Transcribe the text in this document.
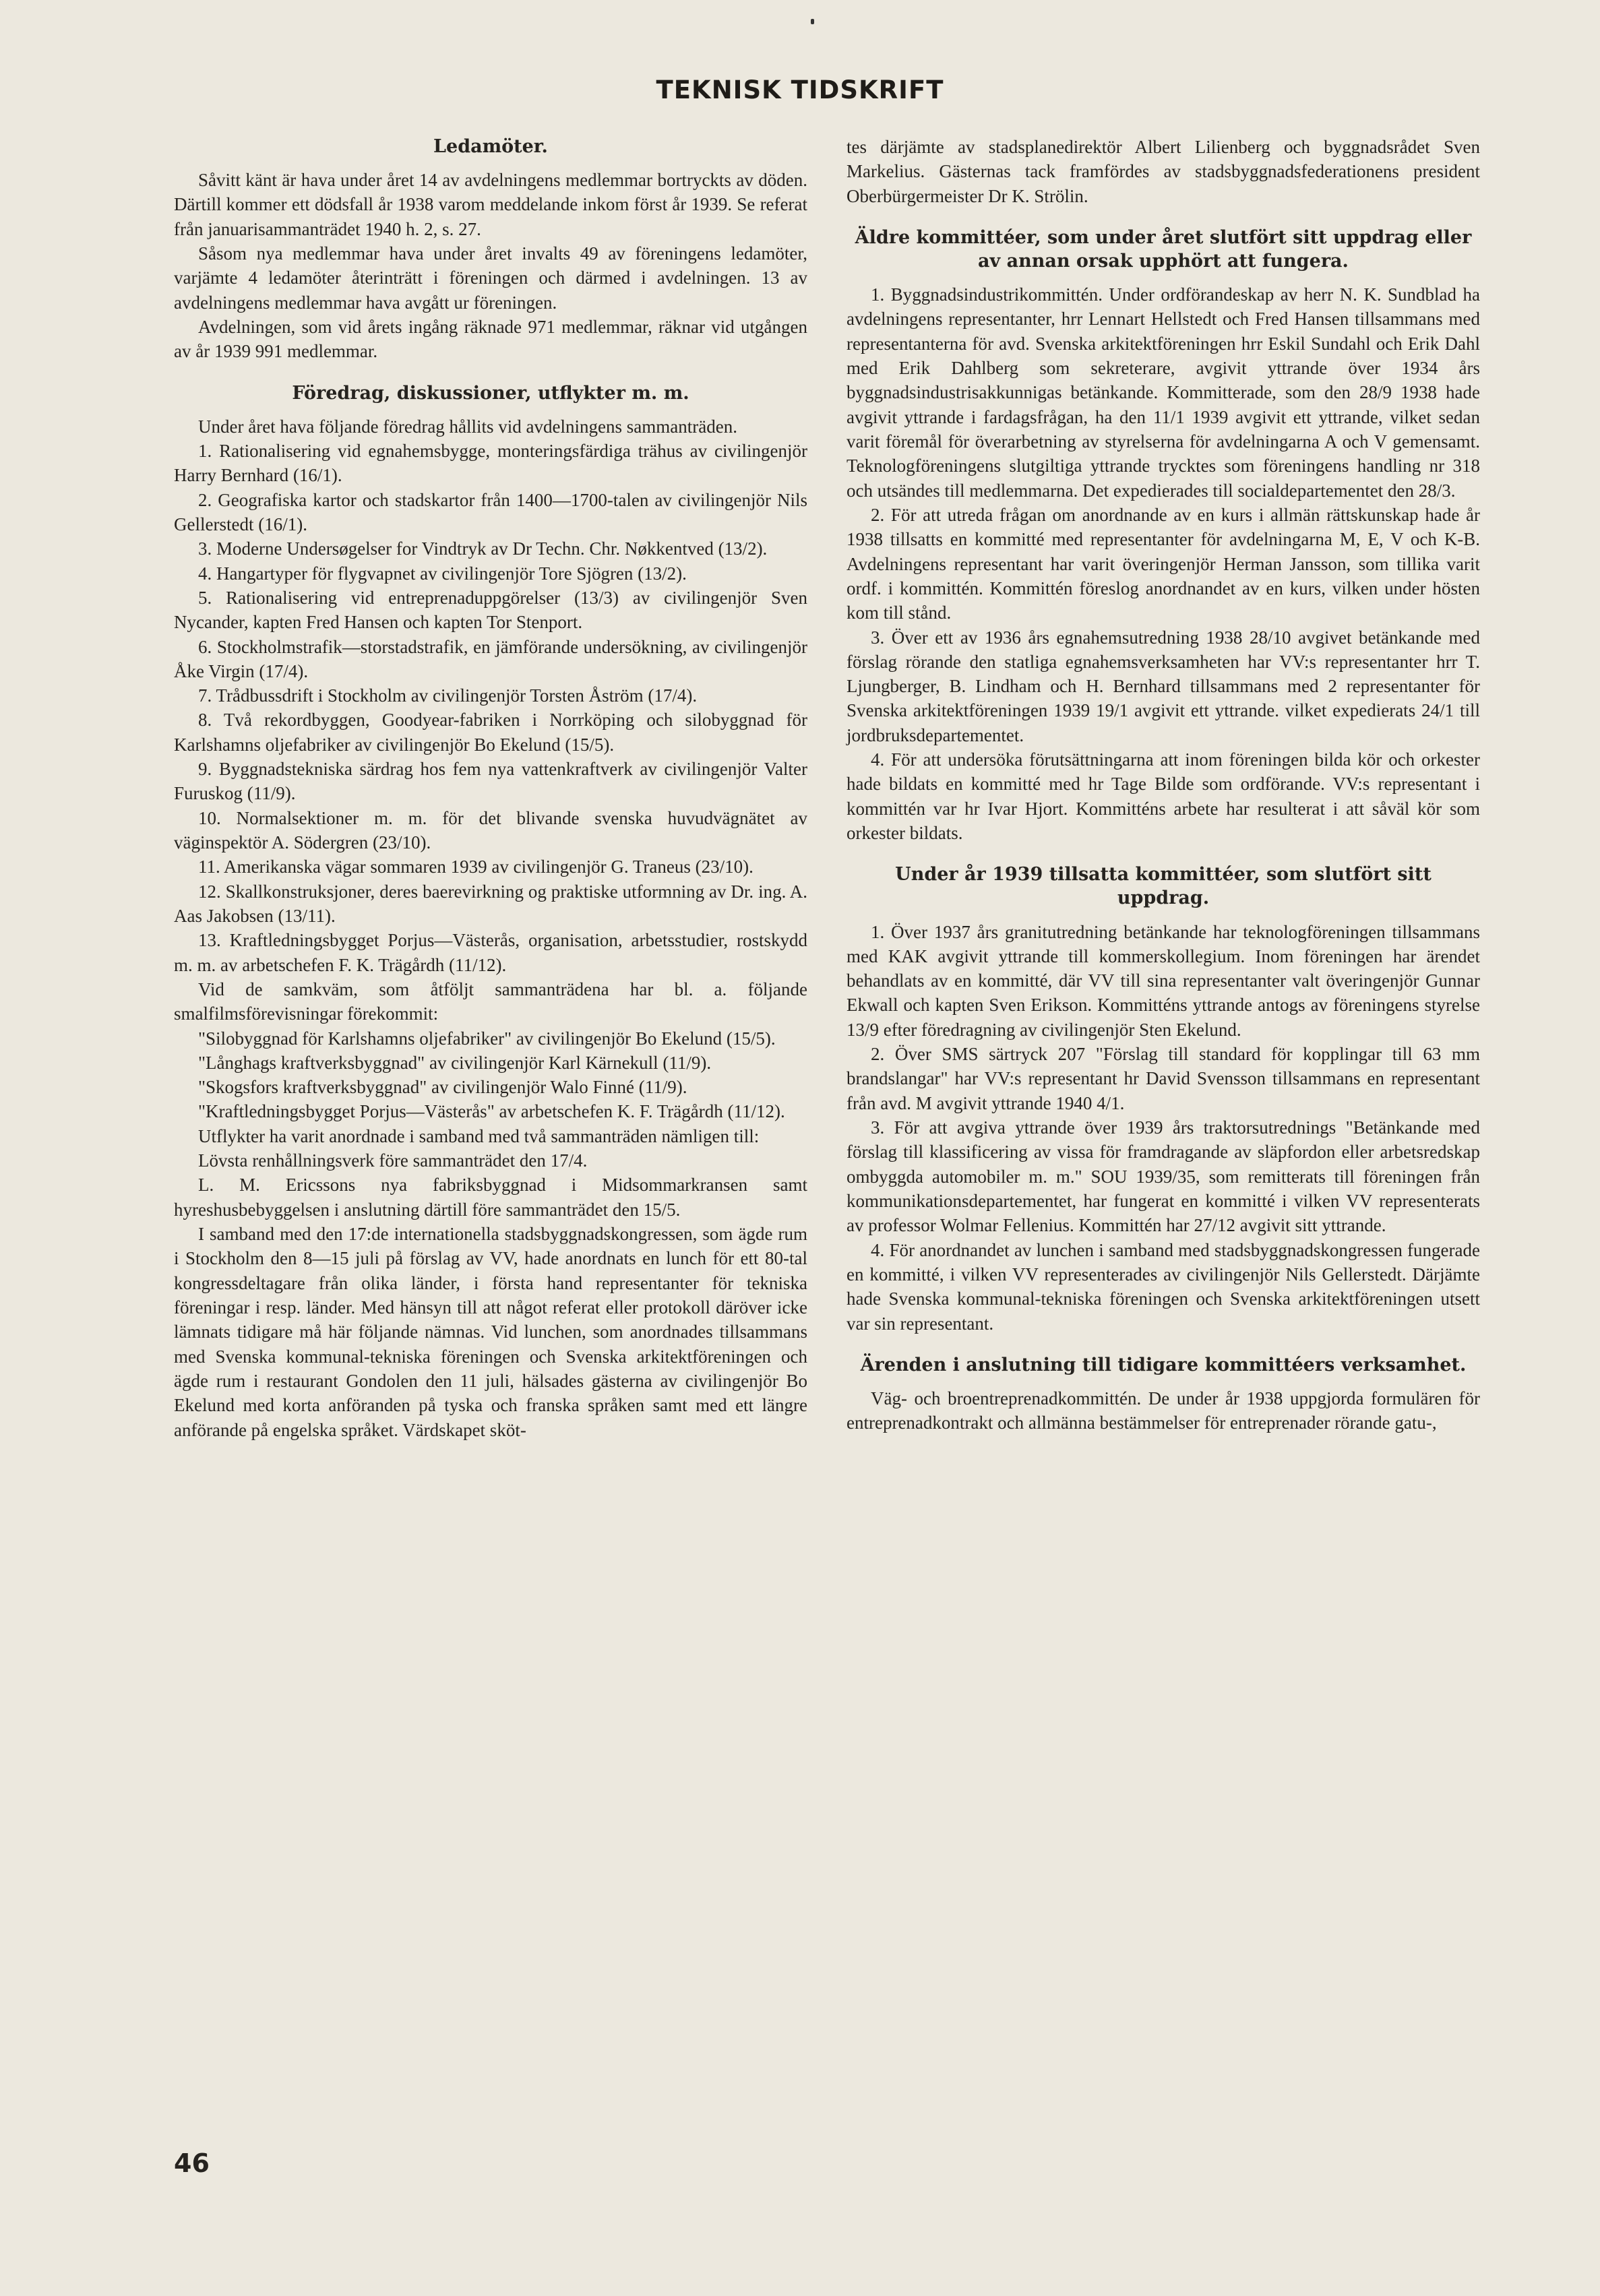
TEKNISK TIDSKRIFT
Ledamöter.

Såvitt känt är hava under året 14 av avdelningens medlemmar bortryckts av döden. Därtill kommer ett dödsfall år 1938 varom meddelande inkom först år 1939. Se referat från januarisammanträdet 1940 h. 2, s. 27.

Såsom nya medlemmar hava under året invalts 49 av föreningens ledamöter, varjämte 4 ledamöter återinträtt i föreningen och därmed i avdelningen. 13 av avdelningens medlemmar hava avgått ur föreningen.

Avdelningen, som vid årets ingång räknade 971 medlemmar, räknar vid utgången av år 1939 991 medlemmar.

Föredrag, diskussioner, utflykter m. m.

Under året hava följande föredrag hållits vid avdelningens sammanträden.

1. Rationalisering vid egnahemsbygge, monteringsfärdiga trähus av civilingenjör Harry Bernhard (16/1).

2. Geografiska kartor och stadskartor från 1400—1700-talen av civilingenjör Nils Gellerstedt (16/1).

3. Moderne Undersøgelser for Vindtryk av Dr Techn. Chr. Nøkkentved (13/2).

4. Hangartyper för flygvapnet av civilingenjör Tore Sjögren (13/2).

5. Rationalisering vid entreprenaduppgörelser (13/3) av civilingenjör Sven Nycander, kapten Fred Hansen och kapten Tor Stenport.

6. Stockholmstrafik—storstadstrafik, en jämförande undersökning, av civilingenjör Åke Virgin (17/4).

7. Trådbussdrift i Stockholm av civilingenjör Torsten Åström (17/4).

8. Två rekordbyggen, Goodyear-fabriken i Norrköping och silobyggnad för Karlshamns oljefabriker av civilingenjör Bo Ekelund (15/5).

9. Byggnadstekniska särdrag hos fem nya vattenkraftverk av civilingenjör Valter Furuskog (11/9).

10. Normalsektioner m. m. för det blivande svenska huvudvägnätet av väginspektör A. Södergren (23/10).

11. Amerikanska vägar sommaren 1939 av civilingenjör G. Traneus (23/10).

12. Skallkonstruksjoner, deres baerevirkning og praktiske utformning av Dr. ing. A. Aas Jakobsen (13/11).

13. Kraftledningsbygget Porjus—Västerås, organisation, arbetsstudier, rostskydd m. m. av arbetschefen F. K. Trägårdh (11/12).

Vid de samkväm, som åtföljt sammanträdena har bl. a. följande smalfilmsförevisningar förekommit:

"Silobyggnad för Karlshamns oljefabriker" av civilingenjör Bo Ekelund (15/5).

"Långhags kraftverksbyggnad" av civilingenjör Karl Kärnekull (11/9).

"Skogsfors kraftverksbyggnad" av civilingenjör Walo Finné (11/9).

"Kraftledningsbygget Porjus—Västerås" av arbetschefen K. F. Trägårdh (11/12).

Utflykter ha varit anordnade i samband med två sammanträden nämligen till:

Lövsta renhållningsverk före sammanträdet den 17/4.

L. M. Ericssons nya fabriksbyggnad i Midsommarkransen samt hyreshusbebyggelsen i anslutning därtill före sammanträdet den 15/5.

I samband med den 17:de internationella stadsbyggnadskongressen, som ägde rum i Stockholm den 8—15 juli på förslag av VV, hade anordnats en lunch för ett 80-tal kongressdeltagare från olika länder, i första hand representanter för tekniska föreningar i resp. länder. Med hänsyn till att något referat eller protokoll däröver icke lämnats tidigare må här följande nämnas. Vid lunchen, som anordnades tillsammans med Svenska kommunal-tekniska föreningen och Svenska arkitektföreningen och ägde rum i restaurant Gondolen den 11 juli, hälsades gästerna av civilingenjör Bo Ekelund med korta anföranden på tyska och franska språken samt med ett längre anförande på engelska språket. Värdskapet sköt-

tes därjämte av stadsplanedirektör Albert Lilienberg och byggnadsrådet Sven Markelius. Gästernas tack framfördes av stadsbyggnadsfederationens president Oberbürgermeister Dr K. Strölin.

Äldre kommittéer, som under året slutfört sitt uppdrag eller av annan orsak upphört att fungera.

1. Byggnadsindustrikommittén. Under ordförandeskap av herr N. K. Sundblad ha avdelningens representanter, hrr Lennart Hellstedt och Fred Hansen tillsammans med representanterna för avd. Svenska arkitektföreningen hrr Eskil Sundahl och Erik Dahl med Erik Dahlberg som sekreterare, avgivit yttrande över 1934 års byggnadsindustrisakkunnigas betänkande. Kommitterade, som den 28/9 1938 hade avgivit yttrande i fardagsfrågan, ha den 11/1 1939 avgivit ett yttrande, vilket sedan varit föremål för överarbetning av styrelserna för avdelningarna A och V gemensamt. Teknologföreningens slutgiltiga yttrande trycktes som föreningens handling nr 318 och utsändes till medlemmarna. Det expedierades till socialdepartementet den 28/3.

2. För att utreda frågan om anordnande av en kurs i allmän rättskunskap hade år 1938 tillsatts en kommitté med representanter för avdelningarna M, E, V och K-B. Avdelningens representant har varit överingenjör Herman Jansson, som tillika varit ordf. i kommittén. Kommittén föreslog anordnandet av en kurs, vilken under hösten kom till stånd.

3. Över ett av 1936 års egnahemsutredning 1938 28/10 avgivet betänkande med förslag rörande den statliga egnahemsverksamheten har VV:s representanter hrr T. Ljungberger, B. Lindham och H. Bernhard tillsammans med 2 representanter för Svenska arkitektföreningen 1939 19/1 avgivit ett yttrande. vilket expedierats 24/1 till jordbruksdepartementet.

4. För att undersöka förutsättningarna att inom föreningen bilda kör och orkester hade bildats en kommitté med hr Tage Bilde som ordförande. VV:s representant i kommittén var hr Ivar Hjort. Kommitténs arbete har resulterat i att såväl kör som orkester bildats.

Under år 1939 tillsatta kommittéer, som slutfört sitt uppdrag.

1. Över 1937 års granitutredning betänkande har teknologföreningen tillsammans med KAK avgivit yttrande till kommerskollegium. Inom föreningen har ärendet behandlats av en kommitté, där VV till sina representanter valt överingenjör Gunnar Ekwall och kapten Sven Erikson. Kommitténs yttrande antogs av föreningens styrelse 13/9 efter föredragning av civilingenjör Sten Ekelund.

2. Över SMS särtryck 207 "Förslag till standard för kopplingar till 63 mm brandslangar" har VV:s representant hr David Svensson tillsammans en representant från avd. M avgivit yttrande 1940 4/1.

3. För att avgiva yttrande över 1939 års traktorsutrednings "Betänkande med förslag till klassificering av vissa för framdragande av släpfordon eller arbetsredskap ombyggda automobiler m. m." SOU 1939/35, som remitterats till föreningen från kommunikationsdepartementet, har fungerat en kommitté i vilken VV representerats av professor Wolmar Fellenius. Kommittén har 27/12 avgivit sitt yttrande.

4. För anordnandet av lunchen i samband med stadsbyggnadskongressen fungerade en kommitté, i vilken VV representerades av civilingenjör Nils Gellerstedt. Därjämte hade Svenska kommunal-tekniska föreningen och Svenska arkitektföreningen utsett var sin representant.

Ärenden i anslutning till tidigare kommittéers verksamhet.

Väg- och broentreprenadkommittén. De under år 1938 uppgjorda formulären för entreprenadkontrakt och allmänna bestämmelser för entreprenader rörande gatu-,

46
